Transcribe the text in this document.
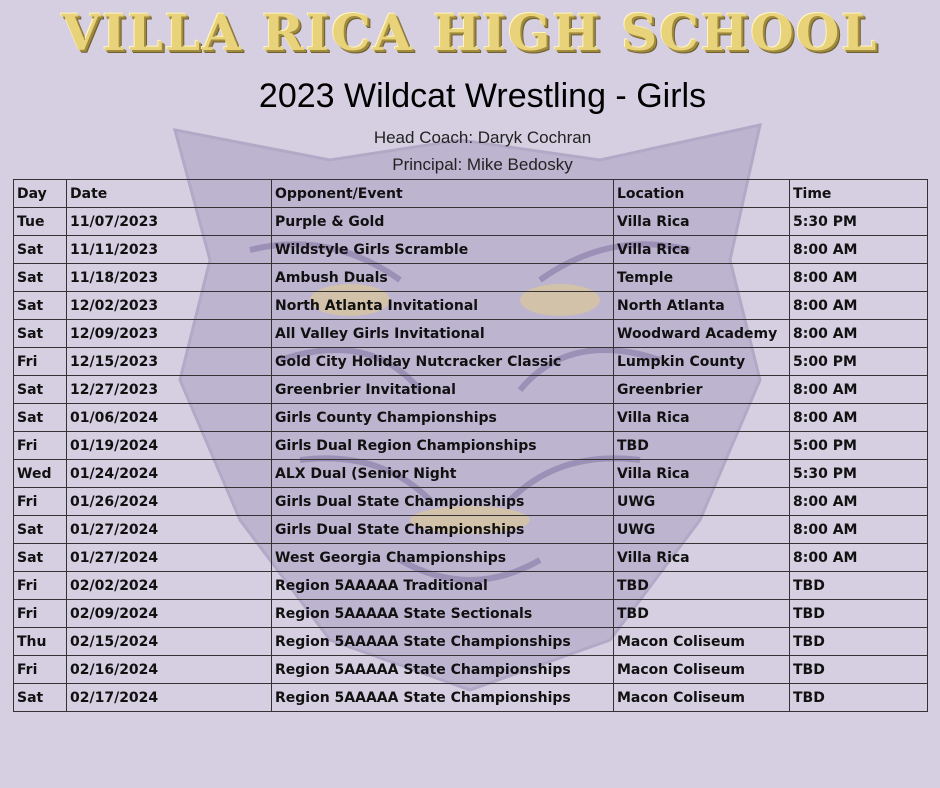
VILLA RICA HIGH SCHOOL
2023 Wildcat Wrestling - Girls
Head Coach: Daryk Cochran
Principal: Mike Bedosky
Day	Date	Opponent/Event	Location	Time
Tue	11/07/2023	Purple & Gold	Villa Rica	5:30 PM
Sat	11/11/2023	Wildstyle Girls Scramble	Villa Rica	8:00 AM
Sat	11/18/2023	Ambush Duals	Temple	8:00 AM
Sat	12/02/2023	North Atlanta Invitational	North Atlanta	8:00 AM
Sat	12/09/2023	All Valley Girls Invitational	Woodward Academy	8:00 AM
Fri	12/15/2023	Gold City Holiday Nutcracker Classic	Lumpkin County	5:00 PM
Sat	12/27/2023	Greenbrier Invitational	Greenbrier	8:00 AM
Sat	01/06/2024	Girls County Championships	Villa Rica	8:00 AM
Fri	01/19/2024	Girls Dual Region Championships	TBD	5:00 PM
Wed	01/24/2024	ALX Dual (Senior Night	Villa Rica	5:30 PM
Fri	01/26/2024	Girls Dual State Championships	UWG	8:00 AM
Sat	01/27/2024	Girls Dual State Championships	UWG	8:00 AM
Sat	01/27/2024	West Georgia Championships	Villa Rica	8:00 AM
Fri	02/02/2024	Region 5AAAAA Traditional	TBD	TBD
Fri	02/09/2024	Region 5AAAAA State Sectionals	TBD	TBD
Thu	02/15/2024	Region 5AAAAA State Championships	Macon Coliseum	TBD
Fri	02/16/2024	Region 5AAAAA State Championships	Macon Coliseum	TBD
Sat	02/17/2024	Region 5AAAAA State Championships	Macon Coliseum	TBD
